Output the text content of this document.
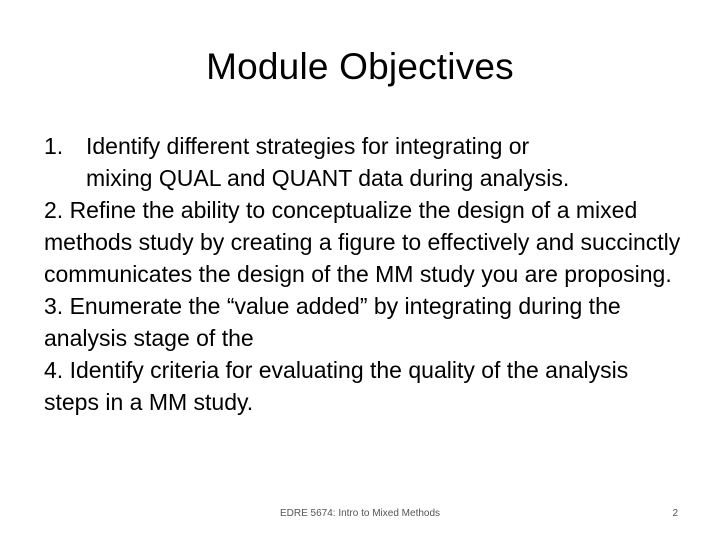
Module Objectives
1. Identify different strategies for integrating or
mixing QUAL and QUANT data during analysis.

2. Refine the ability to conceptualize the design of a mixed methods study by creating a figure to effectively and succinctly communicates the design of the MM study you are proposing.

3. Enumerate the “value added” by integrating during the analysis stage of the

4. Identify criteria for evaluating the quality of the analysis steps in a MM study.

EDRE 5674: Intro to Mixed Methods	2
